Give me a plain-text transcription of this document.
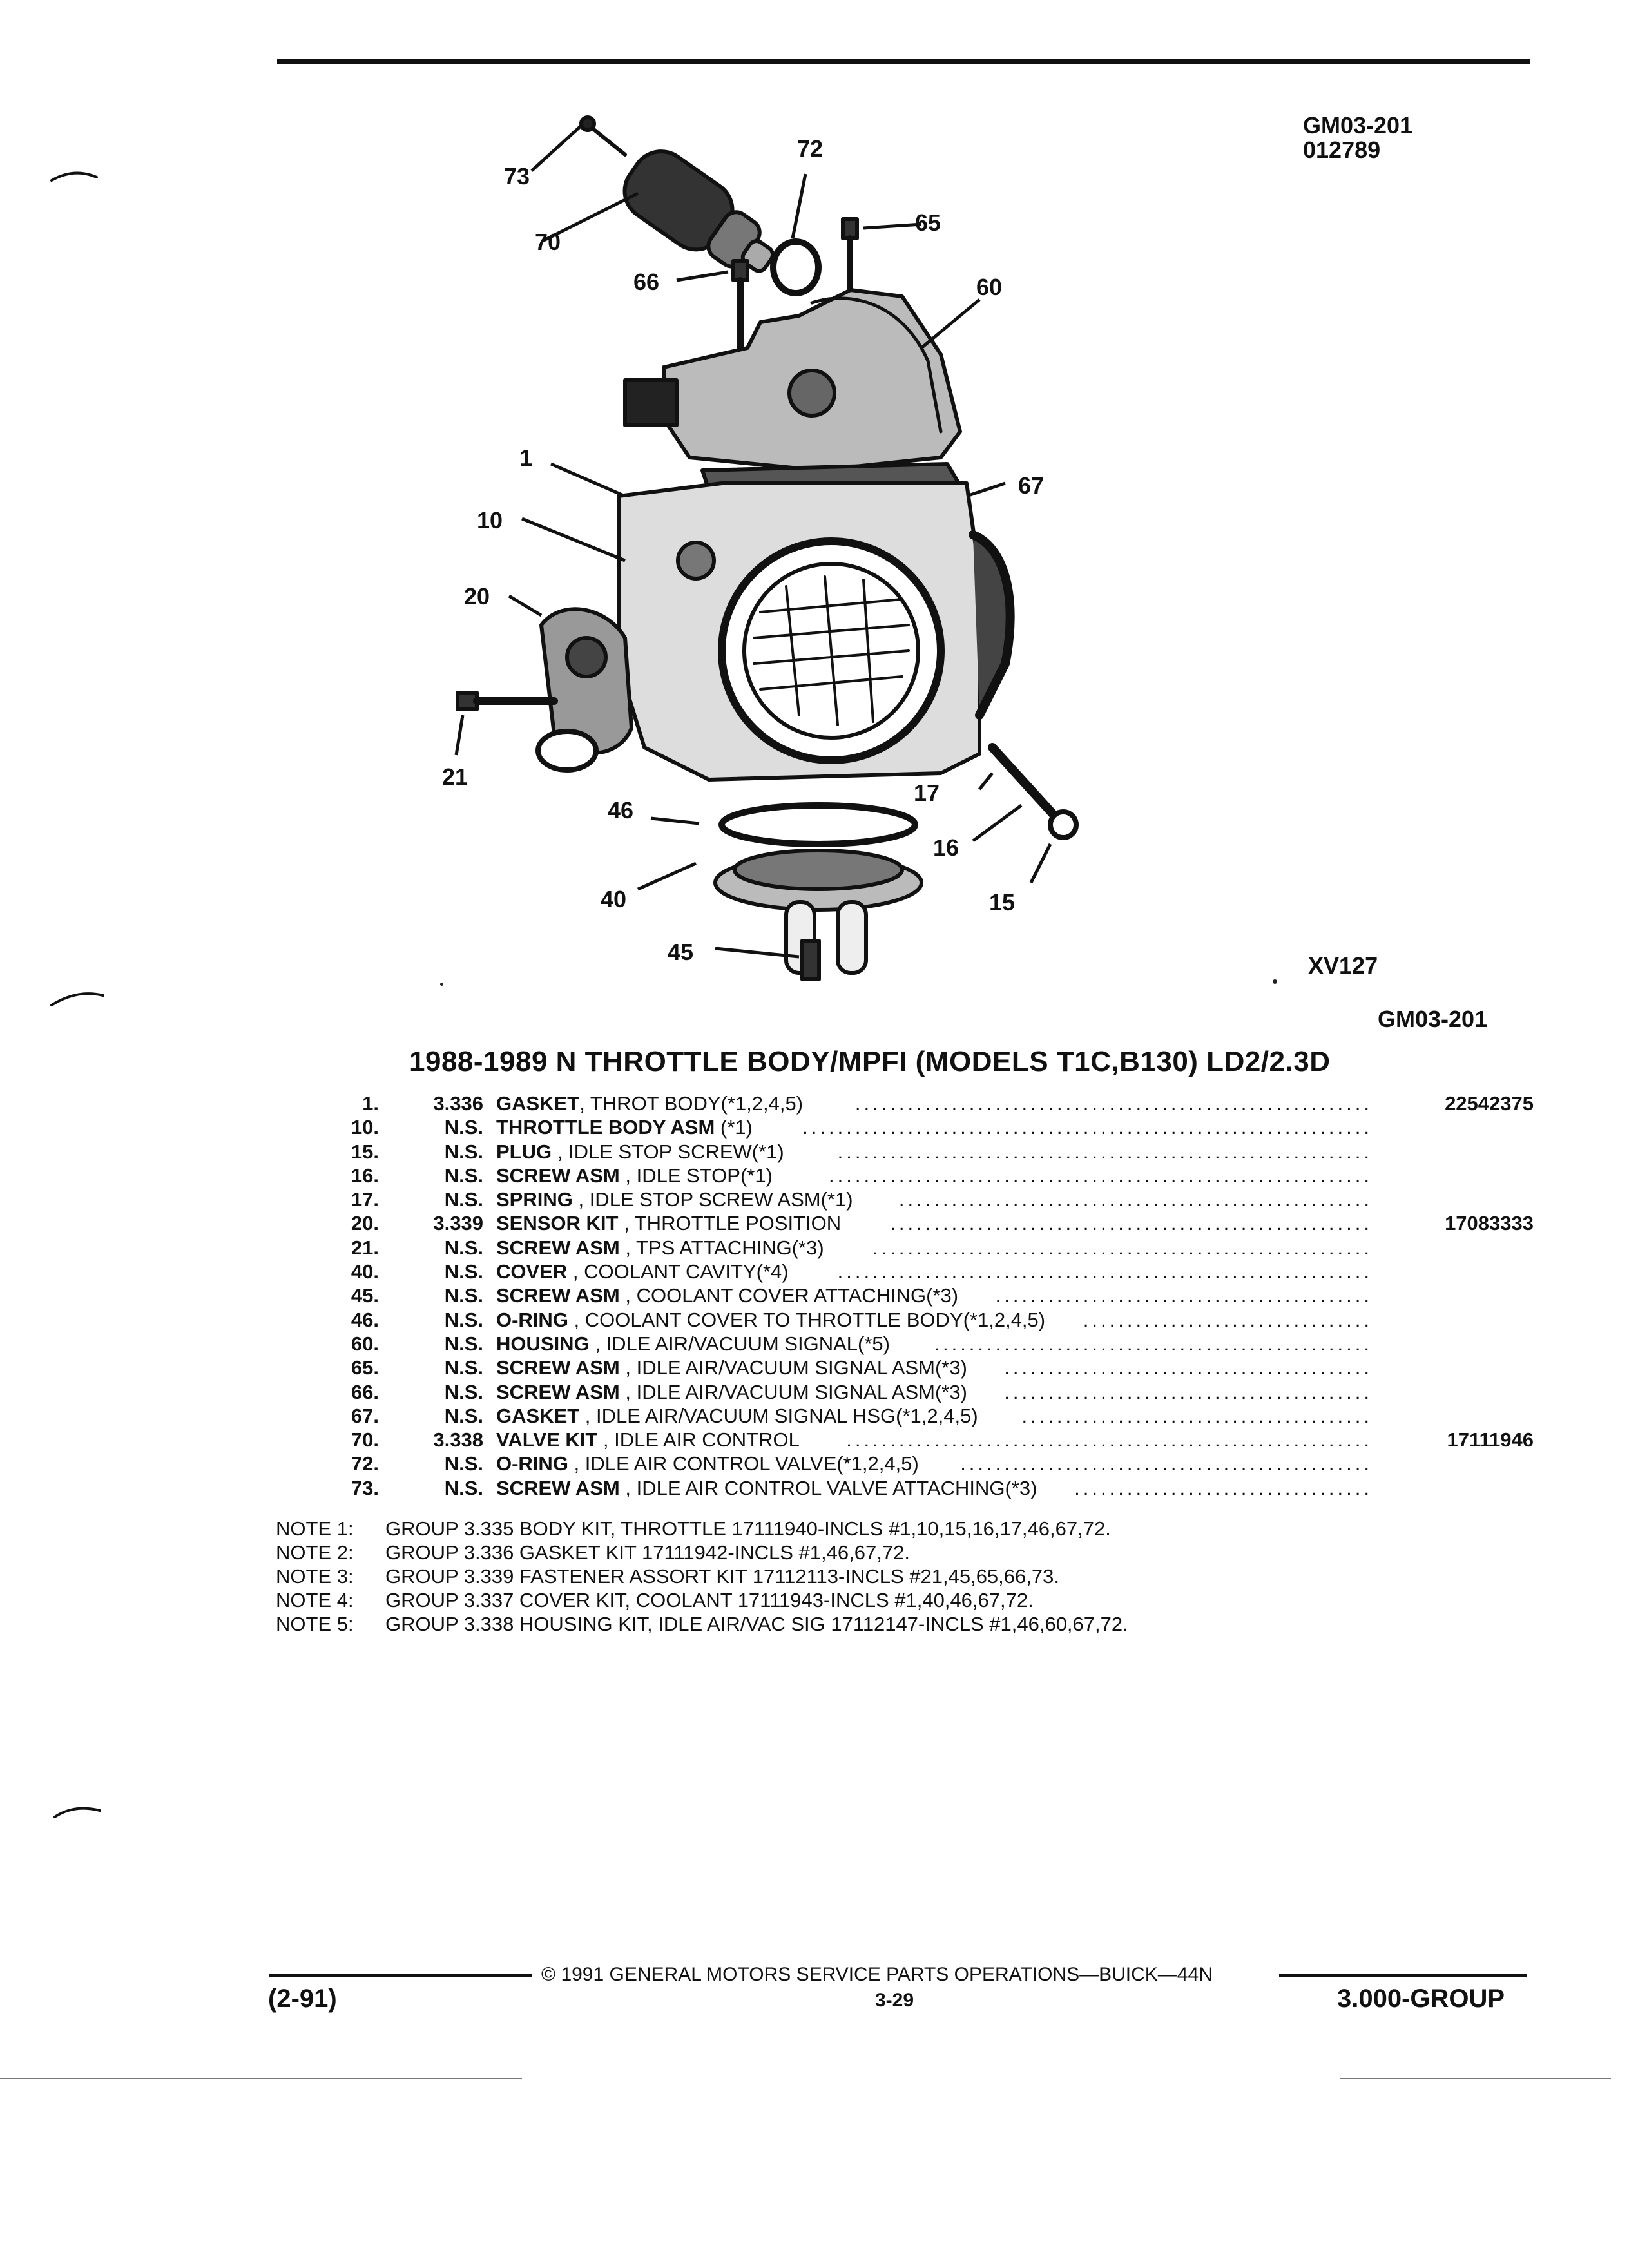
GM03-201
012789
73
72
65
70
66	60
1
67
10
20
21
17
46
16
40	15
45
XV127
GM03-201
1988-1989 N THROTTLE BODY/MPFI (MODELS T1C,B130) LD2/2.3D
1.	3.336 GASKET, THROT BODY(*1,2,4,5)	...........................................................	22542375
10.	N.S. THROTTLE BODY ASM (*1) .................................................................
15.	N.S. PLUG , IDLE STOP SCREW(*1)	.............................................................
16.	N.S. SCREW ASM , IDLE STOP(*1)	..............................................................
17.	N.S. SPRING , IDLE STOP SCREW ASM(*1) ......................................................
20.	3.339 SENSOR KIT , THROTTLE POSITION .......................................................	17083333
21.	N.S. SCREW ASM , TPS ATTACHING(*3) .........................................................
40.	N.S. COVER , COOLANT CAVITY(*4) .............................................................
45.	N.S. SCREW ASM , COOLANT COVER ATTACHING(*3) ...........................................
46.	N.S. O-RING , COOLANT COVER TO THROTTLE BODY(*1,2,4,5) .................................
60.	N.S. HOUSING , IDLE AIR/VACUUM SIGNAL(*5) ..................................................
65.	N.S. SCREW ASM , IDLE AIR/VACUUM SIGNAL ASM(*3) ..........................................
66.	N.S. SCREW ASM , IDLE AIR/VACUUM SIGNAL ASM(*3) ..........................................
67.	N.S. GASKET , IDLE AIR/VACUUM SIGNAL HSG(*1,2,4,5) ........................................
70.	3.338 VALVE KIT , IDLE AIR CONTROL ............................................................	17111946
72.	N.S. O-RING , IDLE AIR CONTROL VALVE(*1,2,4,5) ...............................................
73.	N.S. SCREW ASM , IDLE AIR CONTROL VALVE ATTACHING(*3) ..................................
NOTE 1: GROUP 3.335 BODY KIT, THROTTLE 17111940-INCLS #1,10,15,16,17,46,67,72.
NOTE 2: GROUP 3.336 GASKET KIT 17111942-INCLS #1,46,67,72.
NOTE 3: GROUP 3.339 FASTENER ASSORT KIT 17112113-INCLS #21,45,65,66,73.
NOTE 4: GROUP 3.337 COVER KIT, COOLANT 17111943-INCLS #1,40,46,67,72.
NOTE 5: GROUP 3.338 HOUSING KIT, IDLE AIR/VAC SIG 17112147-INCLS #1,46,60,67,72.
© 1991 GENERAL MOTORS SERVICE PARTS OPERATIONS—BUICK—44N
(2-91)	3-29	3.000-GROUP
